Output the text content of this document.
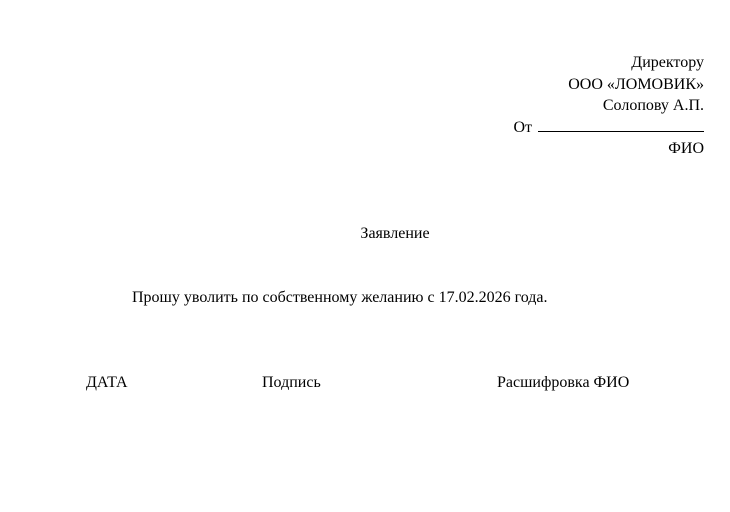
Директору
ООО «ЛОМОВИК»
Солопову А.П.
От
ФИО
Заявление
Прошу уволить по собственному желанию с 17.02.2026 года.
ДАТА	Подпись	Расшифровка ФИО
